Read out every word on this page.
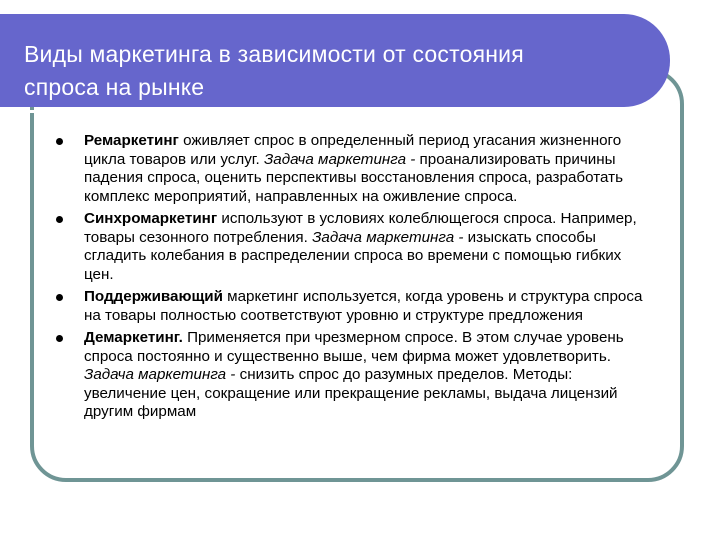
Виды маркетинга в зависимости от состояния
спроса на рынке
Ремаркетинг оживляет спрос в определенный период угасания жизненного цикла товаров или услуг. Задача маркетинга - проанализировать причины падения спроса, оценить перспективы восстановления спроса, разработать комплекс мероприятий, направленных на оживление спроса.
Синхромаркетинг используют в условиях колеблющегося спроса. Например, товары сезонного потребления. Задача маркетинга - изыскать способы сгладить колебания в распределении спроса во времени с помощью гибких цен.
Поддерживающий маркетинг используется, когда уровень и структура спроса на товары полностью соответствуют уровню и структуре предложения
Демаркетинг. Применяется при чрезмерном спросе. В этом случае уровень спроса постоянно и существенно выше, чем фирма может удовлетворить. Задача маркетинга - снизить спрос до разумных пределов. Методы: увеличение цен, сокращение или прекращение рекламы, выдача лицензий другим фирмам
